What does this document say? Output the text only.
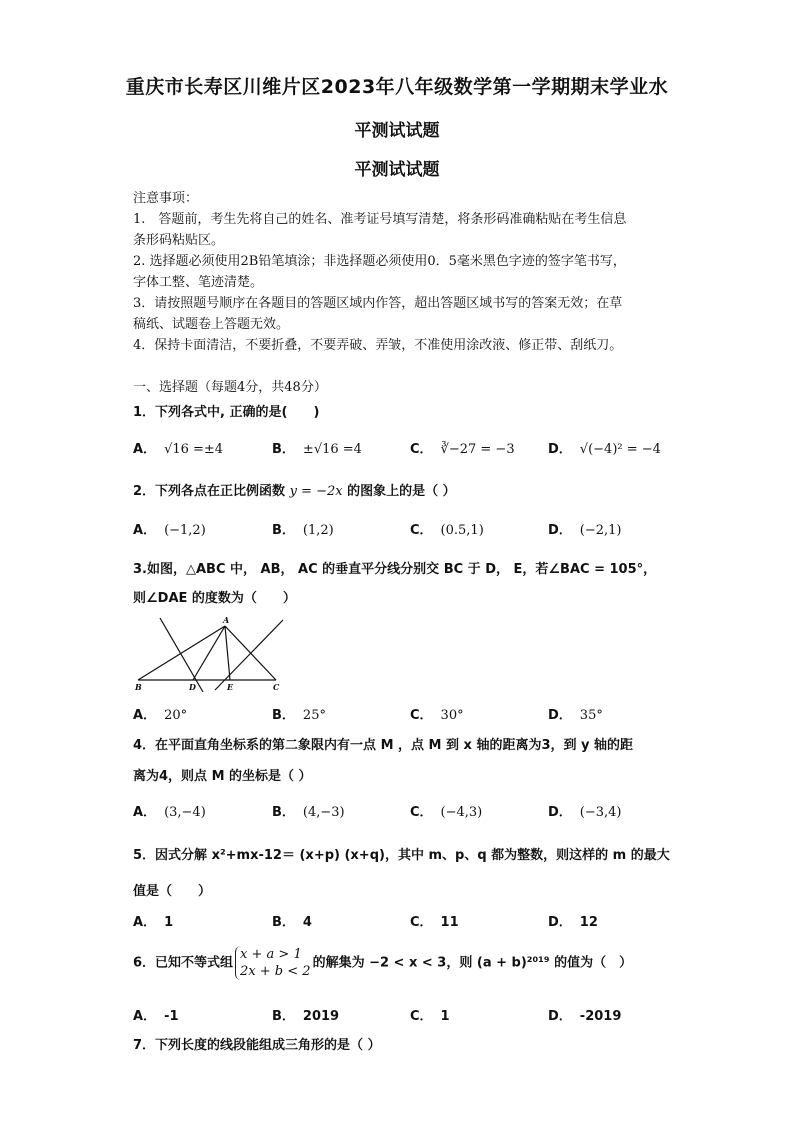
重庆市长寿区川维片区2023年八年级数学第一学期期末学业水
平测试试题
平测试试题
注意事项：
1.　答题前，考生先将自己的姓名、准考证号填写清楚，将条形码准确粘贴在考生信息
条形码粘贴区。
2. 选择题必须使用2B铅笔填涂；非选择题必须使用0．5毫米黑色字迹的签字笔书写，
字体工整、笔迹清楚。
3．请按照题号顺序在各题目的答题区域内作答，超出答题区域书写的答案无效；在草
稿纸、试题卷上答题无效。
4．保持卡面清洁，不要折叠，不要弄破、弄皱，不准使用涂改液、修正带、刮纸刀。
一、选择题（每题4分，共48分）
1．下列各式中, 正确的是(　　)
A． √16 =±4	B． ±√16 =4	C． ∛−27 = −3	D． √(−4)² = −4
2．下列各点在正比例函数 y = −2x 的图象上的是（ ）
A． (−1,2)	B． (1,2)	C． (0.5,1)	D． (−2,1)
3.如图，△ABC 中， AB， AC 的垂直平分线分别交 BC 于 D， E，若∠BAC = 105°，
则∠DAE 的度数为（　　）
A
B	D	E	C
A． 20°	B． 25°	C． 30°	D． 35°
4．在平面直角坐标系的第二象限内有一点 M ，点 M 到 x 轴的距离为3，到 y 轴的距
离为4，则点 M 的坐标是（ ）
A． (3,−4)	B． (4,−3)	C． (−4,3)	D． (−3,4)
5．因式分解 x²+mx-12＝ (x+p) (x+q)，其中 m、p、q 都为整数，则这样的 m 的最大
值是（　　）
A． 1	B． 4	C． 11	D． 12
6．已知不等式组
x + a > 1
2x + b < 2
的解集为 −2 < x < 3，则 (a + b)²⁰¹⁹ 的值为（　）
A． -1	B． 2019	C． 1	D． -2019
7．下列长度的线段能组成三角形的是（ ）
